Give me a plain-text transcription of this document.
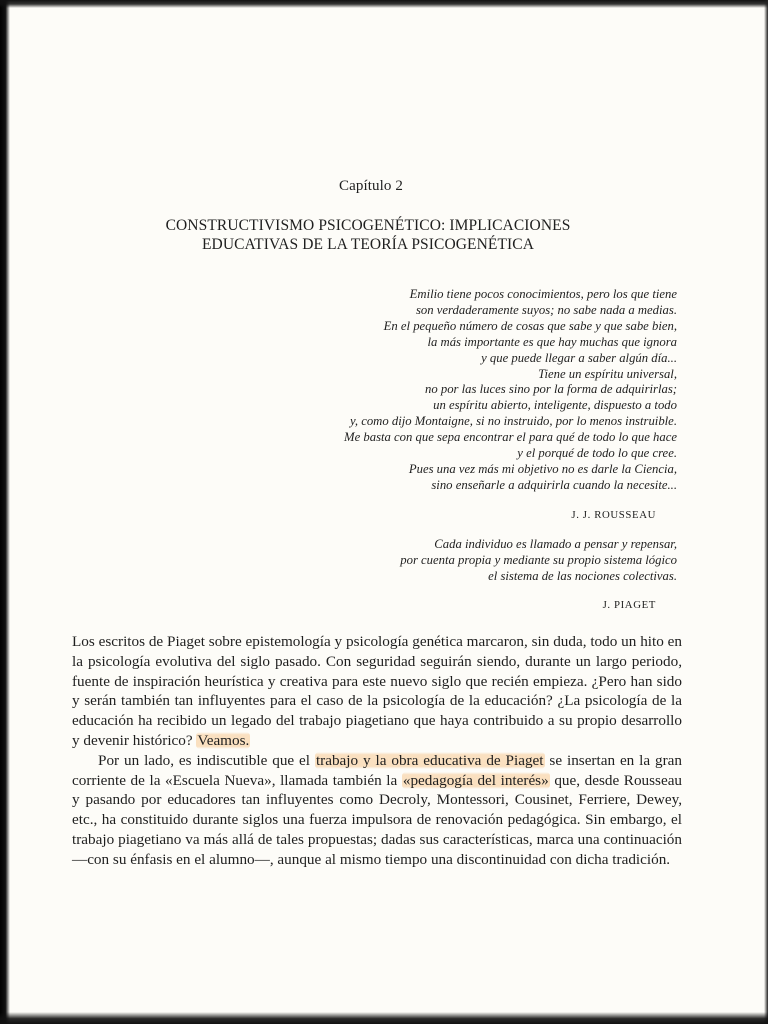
Capítulo 2
CONSTRUCTIVISMO PSICOGENÉTICO: IMPLICACIONES
EDUCATIVAS DE LA TEORÍA PSICOGENÉTICA
Emilio tiene pocos conocimientos, pero los que tiene
son verdaderamente suyos; no sabe nada a medias.
En el pequeño número de cosas que sabe y que sabe bien,
la más importante es que hay muchas que ignora
y que puede llegar a saber algún día...
Tiene un espíritu universal,
no por las luces sino por la forma de adquirirlas;
un espíritu abierto, inteligente, dispuesto a todo
y, como dijo Montaigne, si no instruido, por lo menos instruible.
Me basta con que sepa encontrar el para qué de todo lo que hace
y el porqué de todo lo que cree.
Pues una vez más mi objetivo no es darle la Ciencia,
sino enseñarle a adquirirla cuando la necesite...
J. J. ROUSSEAU
Cada individuo es llamado a pensar y repensar,
por cuenta propia y mediante su propio sistema lógico
el sistema de las nociones colectivas.
J. PIAGET

Los escritos de Piaget sobre epistemología y psicología genética marcaron, sin duda, todo un hito en la psicología evolutiva del siglo pasado. Con seguridad seguirán siendo, durante un largo periodo, fuente de inspiración heurística y creativa para este nuevo siglo que recién empieza. ¿Pero han sido y serán también tan influyentes para el caso de la psicología de la educación? ¿La psicología de la educación ha recibido un legado del trabajo piagetiano que haya contribuido a su propio desarrollo y devenir histórico? Veamos.

Por un lado, es indiscutible que el trabajo y la obra educativa de Piaget se insertan en la gran corriente de la «Escuela Nueva», llamada también la «pedagogía del interés» que, desde Rousseau y pasando por educadores tan influyentes como Decroly, Montessori, Cousinet, Ferriere, Dewey, etc., ha constituido durante siglos una fuerza impulsora de renovación pedagógica. Sin embargo, el trabajo piagetiano va más allá de tales propuestas; dadas sus características, marca una continuación —con su énfasis en el alumno—, aunque al mismo tiempo una discontinuidad con dicha tradición.
